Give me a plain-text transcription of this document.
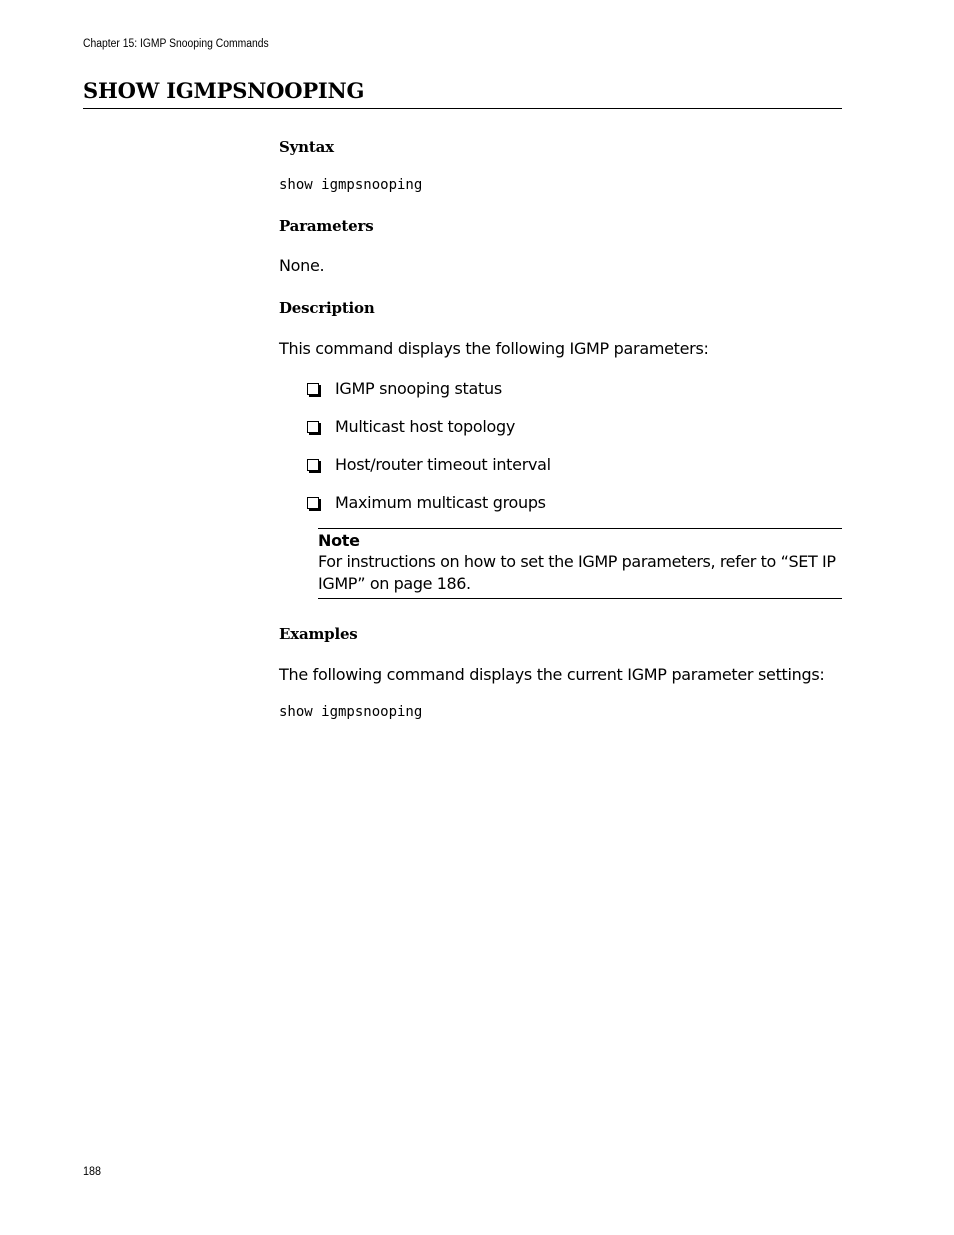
Chapter 15: IGMP Snooping Commands
SHOW IGMPSNOOPING
Syntax
show igmpsnooping
Parameters
None.
Description
This command displays the following IGMP parameters:
IGMP snooping status
Multicast host topology
Host/router timeout interval
Maximum multicast groups
Note
For instructions on how to set the IGMP parameters, refer to “SET IP IGMP” on page 186.
Examples
The following command displays the current IGMP parameter settings:
show igmpsnooping
188
